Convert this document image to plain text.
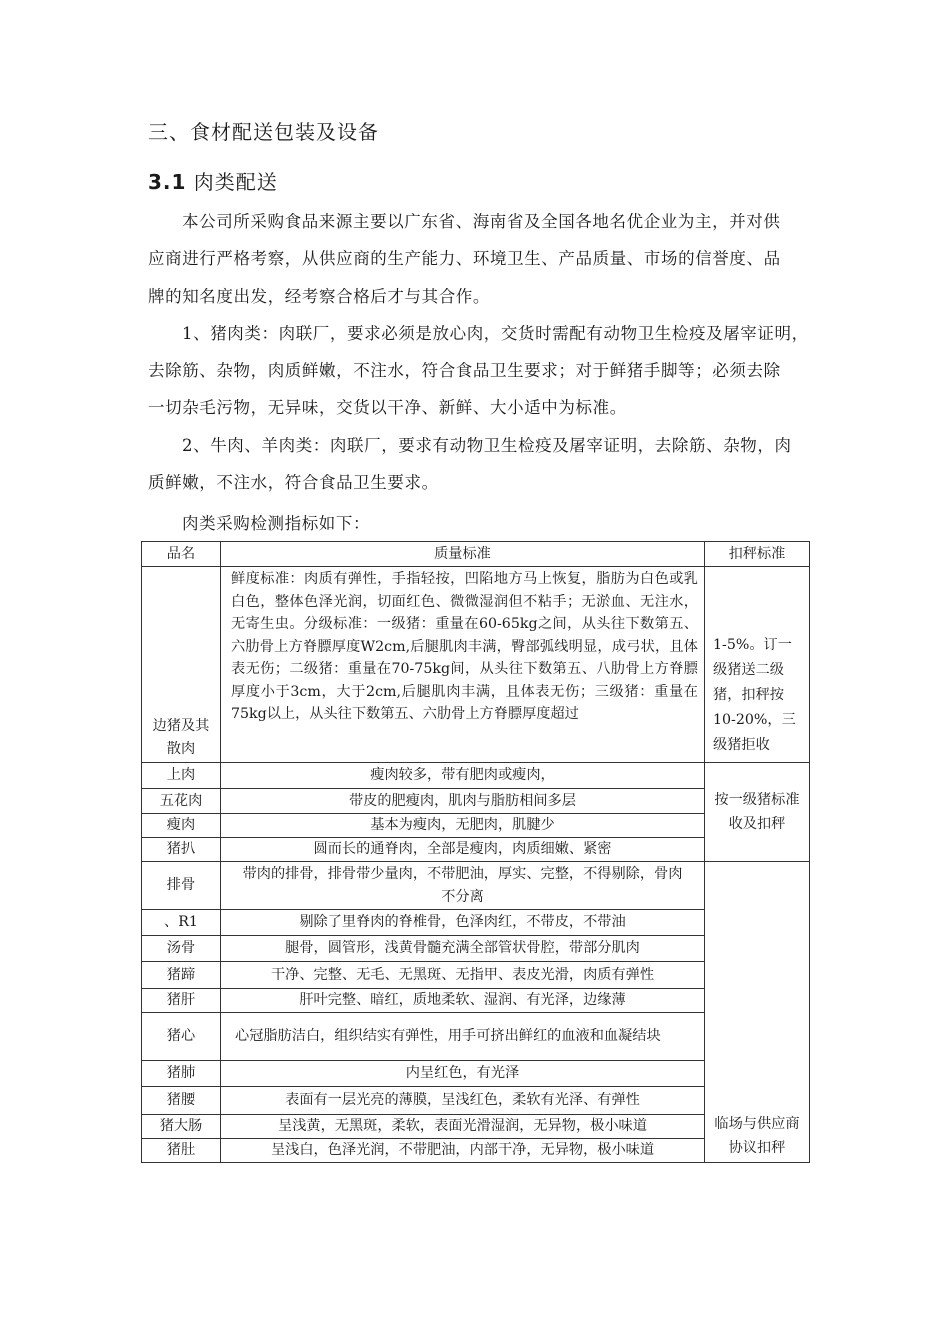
三、食材配送包装及设备
3.1 肉类配送
本公司所采购食品来源主要以广东省、海南省及全国各地名优企业为主，并对供
应商进行严格考察，从供应商的生产能力、环境卫生、产品质量、市场的信誉度、品
牌的知名度出发，经考察合格后才与其合作。
1、猪肉类：肉联厂，要求必须是放心肉，交货时需配有动物卫生检疫及屠宰证明，
去除筋、杂物，肉质鲜嫩，不注水，符合食品卫生要求；对于鲜猪手脚等；必须去除
一切杂毛污物，无异味，交货以干净、新鲜、大小适中为标准。
2、牛肉、羊肉类：肉联厂，要求有动物卫生检疫及屠宰证明，去除筋、杂物，肉
质鲜嫩，不注水，符合食品卫生要求。
肉类采购检测指标如下：
品名	质量标准	扣秤标准
边猪及其散肉	鲜度标准：肉质有弹性，手指轻按，凹陷地方马上恢复，脂肪为白色或乳白色，整体色泽光润，切面红色、微微湿润但不粘手；无淤血、无注水，无寄生虫。分级标准：一级猪：重量在60-65kg之间，从头往下数第五、六肋骨上方脊膘厚度W2cm,后腿肌肉丰满，臀部弧线明显，成弓状，且体表无伤；二级猪：重量在70-75kg间，从头往下数第五、八肋骨上方脊膘厚度小于3cm，大于2cm,后腿肌肉丰满，且体表无伤；三级猪：重量在75kg以上，从头往下数第五、六肋骨上方脊膘厚度超过	1-5%。订一级猪送二级猪，扣秤按10-20%，三级猪拒收
上肉	瘦肉较多，带有肥肉或瘦肉，	按一级猪标准收及扣秤
五花肉	带皮的肥瘦肉，肌肉与脂肪相间多层	
瘦肉	基本为瘦肉，无肥肉，肌腱少	
猪扒	圆而长的通脊肉，全部是瘦肉，肉质细嫩、紧密	
排骨	带肉的排骨，排骨带少量肉，不带肥油，厚实、完整，不得剔除，骨肉不分离	临场与供应商协议扣秤
、R1	剔除了里脊肉的脊椎骨，色泽肉红，不带皮，不带油	
汤骨	腿骨，圆管形，浅黄骨髓充满全部管状骨腔，带部分肌肉	
猪蹄	干净、完整、无毛、无黑斑、无指甲、表皮光滑，肉质有弹性	
猪肝	肝叶完整、暗红，质地柔软、湿润、有光泽，边缘薄	
猪心	心冠脂肪洁白，组织结实有弹性，用手可挤出鲜红的血液和血凝结块	
猪肺	内呈红色，有光泽	
猪腰	表面有一层光亮的薄膜，呈浅红色，柔软有光泽、有弹性	
猪大肠	呈浅黄，无黑斑，柔软，表面光滑湿润，无异物，极小味道	
猪肚	呈浅白，色泽光润，不带肥油，内部干净，无异物，极小味道	
